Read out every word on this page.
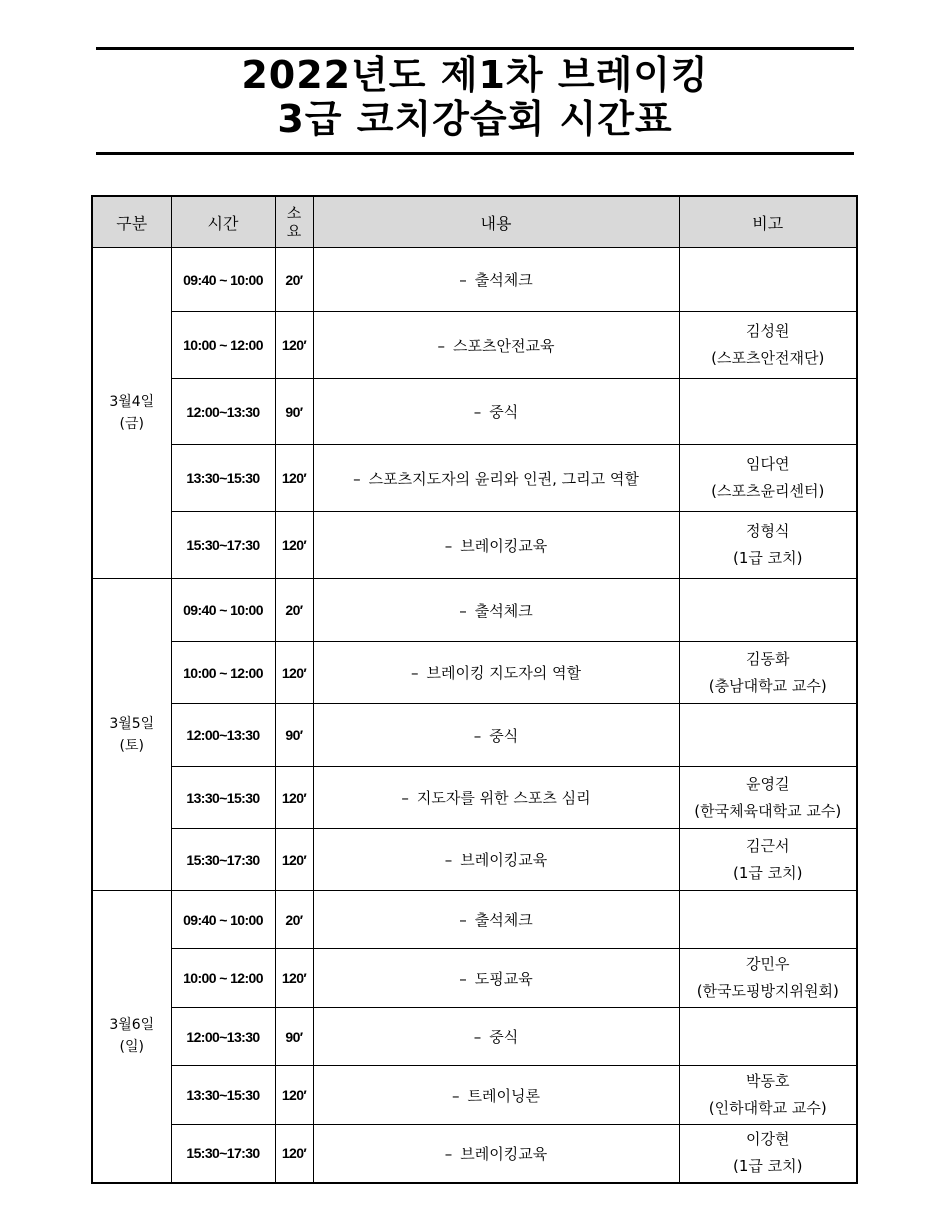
2022년도 제1차 브레이킹
3급 코치강습회 시간표
구분	시간	소
요	내용	비고

3월4일
(금)	09:40 ~ 10:00	20′	– 출석체크	
	10:00 ~ 12:00	120′	– 스포츠안전교육	김성원
(스포츠안전재단)

	12:00~13:30	90′	– 중식	
	13:30~15:30	120′	– 스포츠지도자의 윤리와 인권, 그리고 역할	임다연
(스포츠윤리센터)

	15:30~17:30	120′	– 브레이킹교육	정형식
(1급 코치)

3월5일
(토)	09:40 ~ 10:00	20′	– 출석체크	
	10:00 ~ 12:00	120′	– 브레이킹 지도자의 역할	김동화
(충남대학교 교수)

	12:00~13:30	90′	– 중식	
	13:30~15:30	120′	– 지도자를 위한 스포츠 심리	윤영길
(한국체육대학교 교수)

	15:30~17:30	120′	– 브레이킹교육	김근서
(1급 코치)

3월6일
(일)	09:40 ~ 10:00	20′	– 출석체크	
	10:00 ~ 12:00	120′	– 도핑교육	강민우
(한국도핑방지위원회)

	12:00~13:30	90′	– 중식	
	13:30~15:30	120′	– 트레이닝론	박동호
(인하대학교 교수)

	15:30~17:30	120′	– 브레이킹교육	이강현
(1급 코치)
